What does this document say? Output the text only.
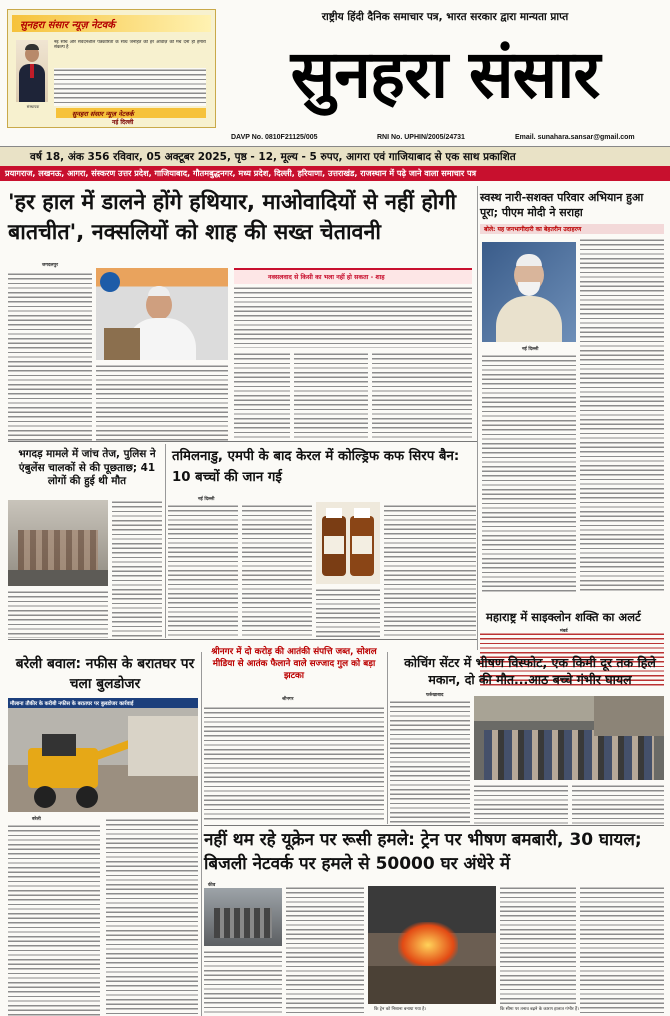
सुनहरा संसार न्यूज़ नेटवर्क
संस्थापक
नई सोच और संवेदनशील पत्रकारिता के साथ जनहित की हर आवाज़ को मंच देना ही हमारा संकल्प है
सुनहरा संसार न्यूज़ नेटवर्क
नई दिल्ली
राष्ट्रीय हिंदी दैनिक समाचार पत्र, भारत सरकार द्वारा मान्यता प्राप्त
सुनहरा संसार
DAVP No. 0810F21125/005	RNI No. UPHIN/2005/24731	Email. sunahara.sansar@gmail.com
वर्ष 18, अंक 356 रविवार, 05 अक्टूबर 2025, पृष्ठ - 12, मूल्य - 5 रुपए, आगरा एवं गाजियाबाद से एक साथ प्रकाशित
प्रयागराज, लखनऊ, आगरा, संस्करण उत्तर प्रदेश, गाजियाबाद, गौतमबुद्धनगर, मध्य प्रदेश, दिल्ली, हरियाणा, उत्तराखंड, राजस्थान में पढ़े जाने वाला समाचार पत्र
'हर हाल में डालने होंगे हथियार, माओवादियों से नहीं होगी बातचीत', नक्सलियों को शाह की सख्त चेतावनी
जगदलपुर
नक्सलवाद से किसी का भला नहीं हो सकता - शाह
स्वस्थ नारी-सशक्त परिवार अभियान हुआ पूरा; पीएम मोदी ने सराहा
बोले: यह जनभागीदारी का बेहतरीन उदाहरण
नई दिल्ली
भगदड़ मामले में जांच तेज, पुलिस ने एंबुलेंस चालकों से की पूछताछ; 41 लोगों की हुई थी मौत
तमिलनाडु, एमपी के बाद केरल में कोल्ड्रिफ कफ सिरप बैन: 10 बच्चों की जान गई
नई दिल्ली
महाराष्ट्र में साइक्लोन शक्ति का अलर्ट
बरेली बवाल: नफीस के बरातघर पर चला बुलडोजर
मौलाना तौकीर के करीबी नफीस के बरातघर पर बुलडोजर कार्रवाई
बरेली
श्रीनगर में दो करोड़ की आतंकी संपत्ति जब्त, सोशल मीडिया से आतंक फैलाने वाले सज्जाद गुल को बड़ा झटका
श्रीनगर
कोचिंग सेंटर में भीषण विस्फोट, एक किमी दूर तक हिले मकान, दो की मौत...आठ बच्चे गंभीर घायल
फर्रुखाबाद
नहीं थम रहे यूक्रेन पर रूसी हमले: ट्रेन पर भीषण बमबारी, 30 घायल; बिजली नेटवर्क पर हमले से 50000 घर अंधेरे में
कीव
कि ट्रेन को निशाना बनाया गया है।	कि सीमा पर तनाव बढ़ने के कारण हालात गंभीर हैं।
